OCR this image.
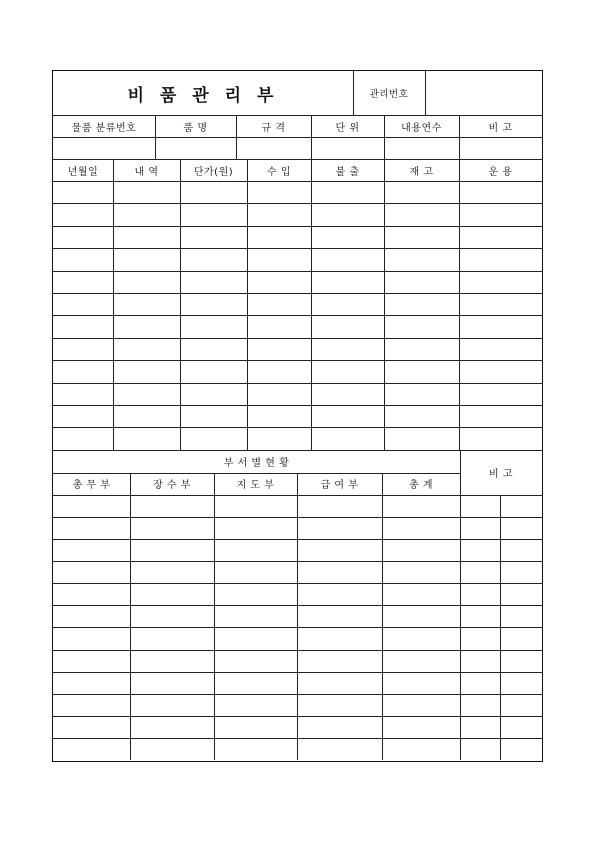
비 품 관 리 부	관리번호
물품 분류번호	품 명	규 격	단 위	내용연수	비 고
년월일	내 역	단가(원)	수 입	불 출	재 고	운 용
부 서 별 현 황
비 고
총 무 부	장 수 부	지 도 부	급 여 부	총 계
